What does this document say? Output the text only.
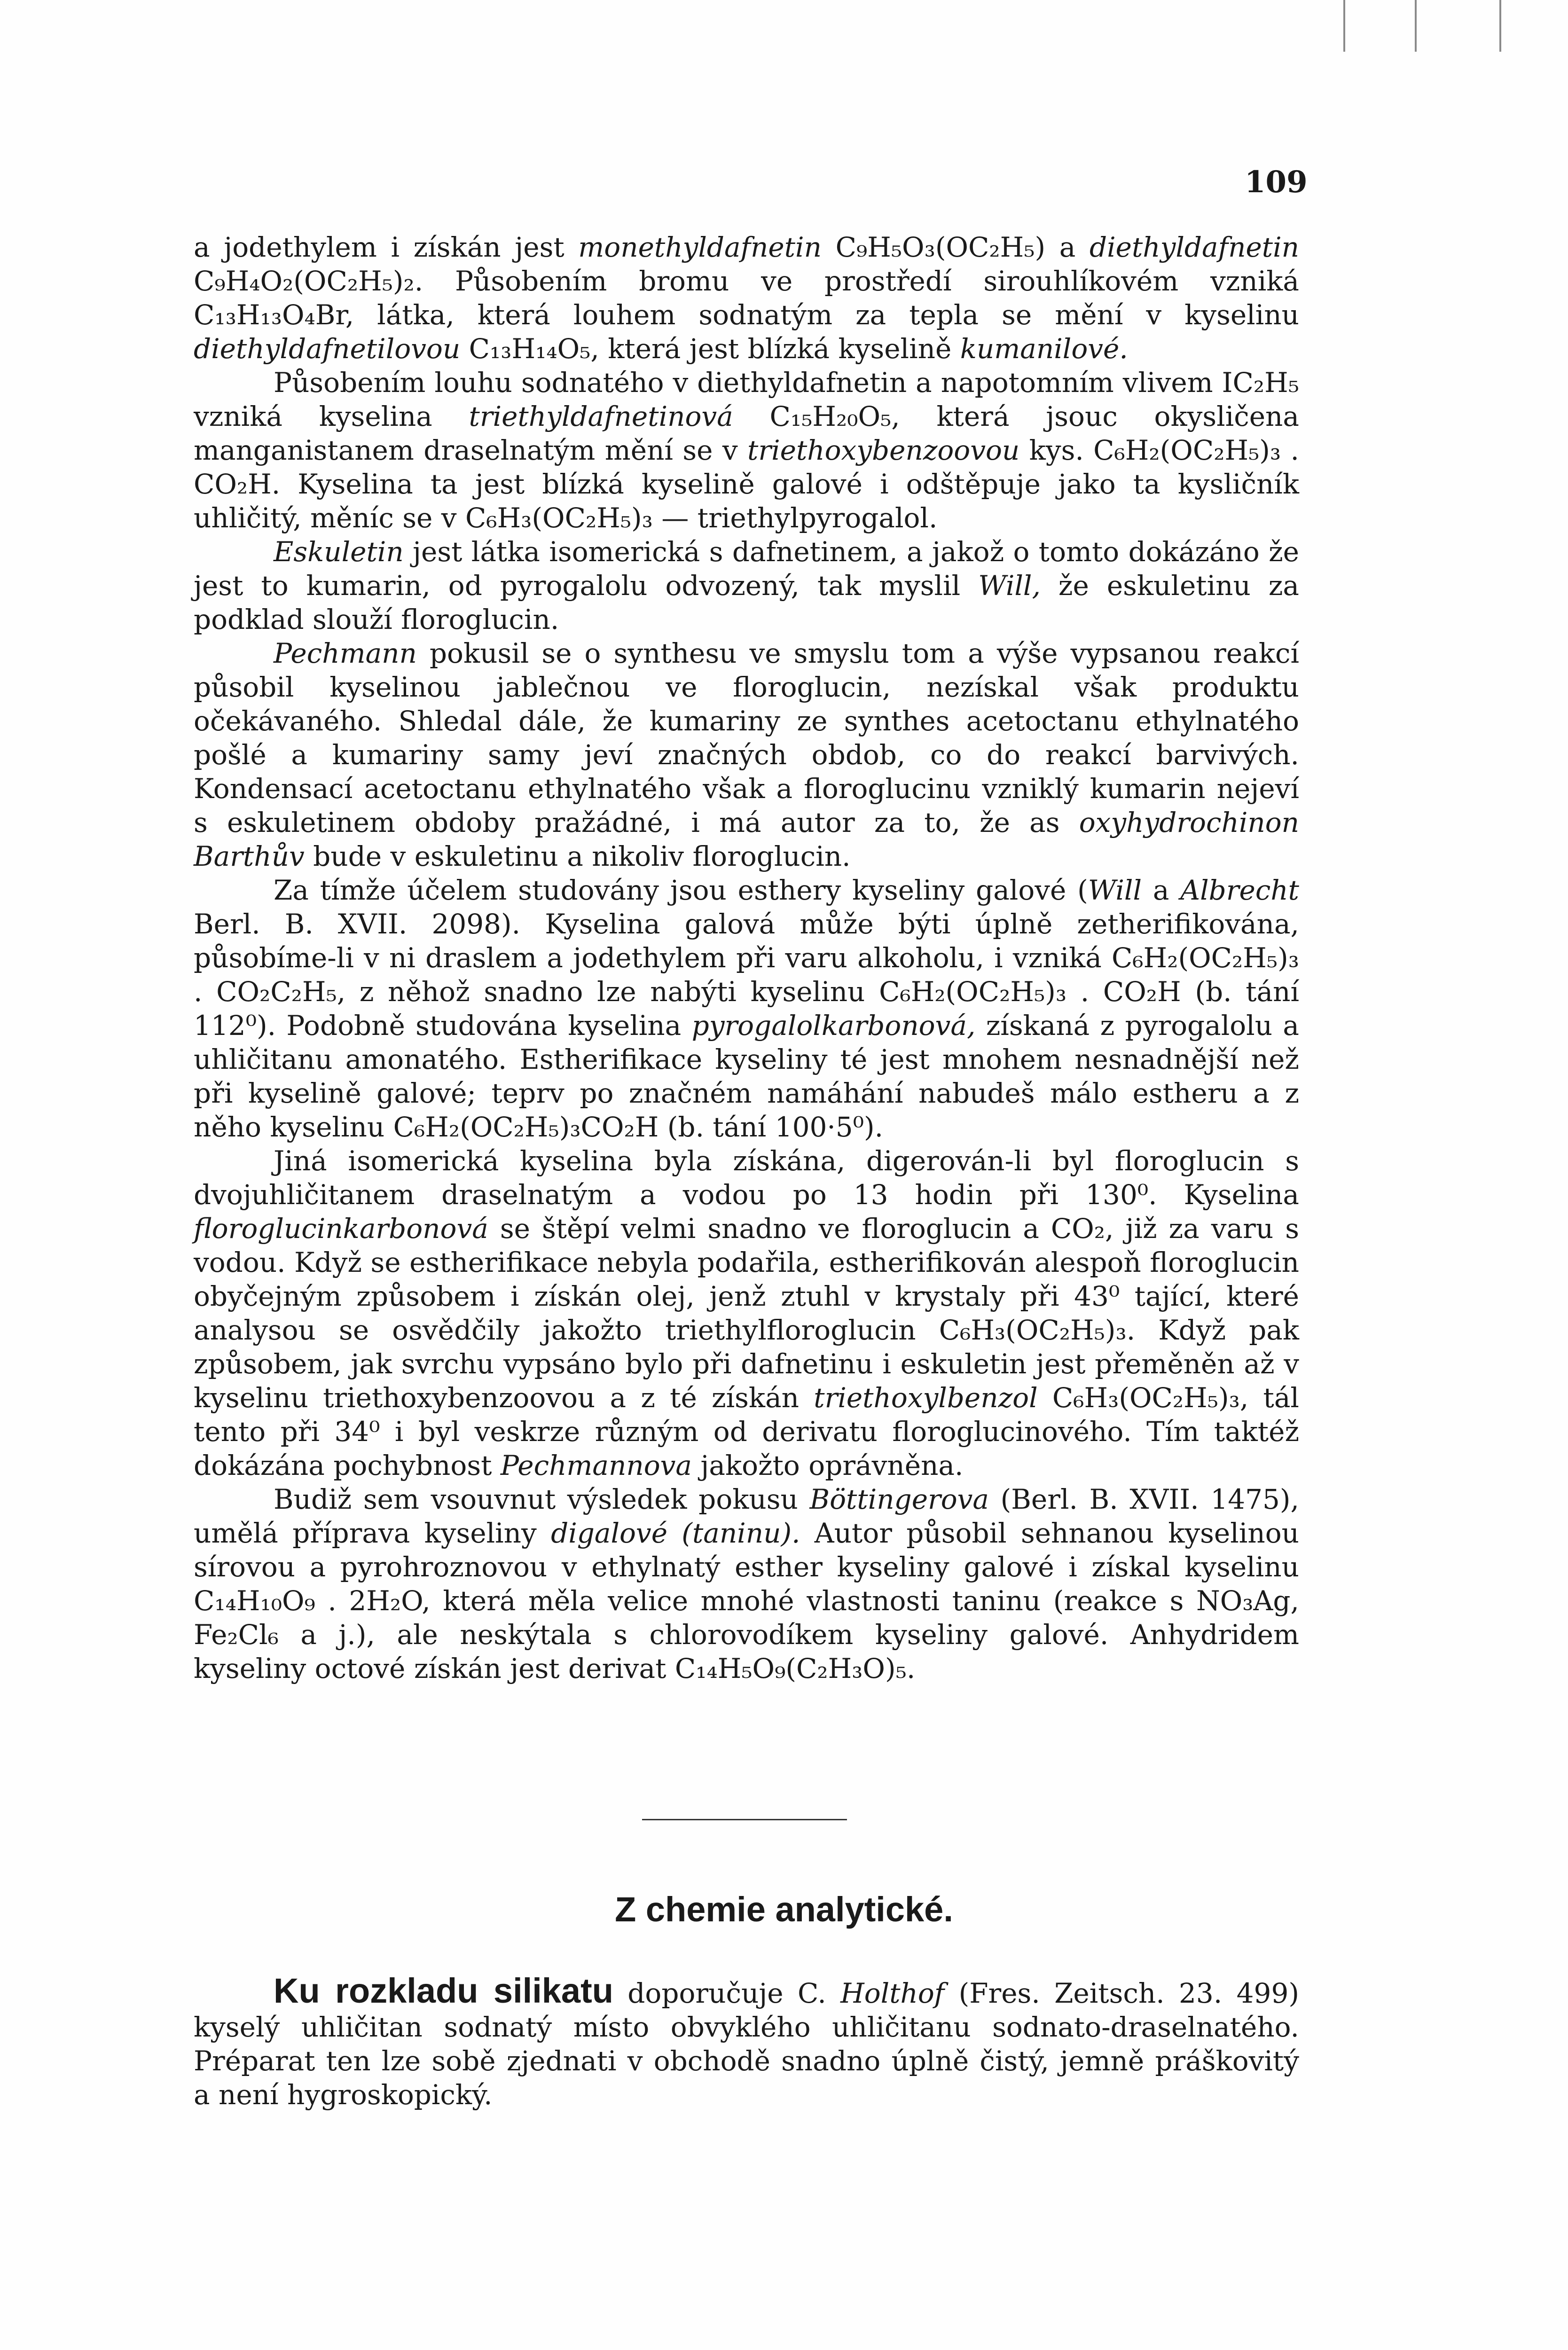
109

a jodethylem i získán jest monethyldafnetin C₉H₅O₃(OC₂H₅) a diethyldafnetin C₉H₄O₂(OC₂H₅)₂. Působením bromu ve prostředí sirouhlíkovém vzniká C₁₃H₁₃O₄Br, látka, která louhem sodnatým za tepla se mění v kyselinu diethyldafnetilovou C₁₃H₁₄O₅, která jest blízká kyselině kumanilové.

Působením louhu sodnatého v diethyldafnetin a napotomním vlivem IC₂H₅ vzniká kyselina triethyldafnetinová C₁₅H₂₀O₅, která jsouc okysličena manganistanem draselnatým mění se v triethoxybenzoovou kys. C₆H₂(OC₂H₅)₃ . CO₂H. Kyselina ta jest blízká kyselině galové i odštěpuje jako ta kysličník uhličitý, měníc se v C₆H₃(OC₂H₅)₃ — triethylpyrogalol.

Eskuletin jest látka isomerická s dafnetinem, a jakož o tomto dokázáno že jest to kumarin, od pyrogalolu odvozený, tak myslil Will, že eskuletinu za podklad slouží floroglucin.

Pechmann pokusil se o synthesu ve smyslu tom a výše vypsanou reakcí působil kyselinou jablečnou ve floroglucin, nezískal však produktu očekávaného. Shledal dále, že kumariny ze synthes acetoctanu ethylnatého pošlé a kumariny samy jeví značných obdob, co do reakcí barvivých. Kondensací acetoctanu ethylnatého však a floroglucinu vzniklý kumarin nejeví s eskuletinem obdoby pražádné, i má autor za to, že as oxyhydrochinon Barthův bude v eskuletinu a nikoliv floroglucin.

Za tímže účelem studovány jsou esthery kyseliny galové (Will a Albrecht Berl. B. XVII. 2098). Kyselina galová může býti úplně zetherifikována, působíme-li v ni draslem a jodethylem při varu alkoholu, i vzniká C₆H₂(OC₂H₅)₃ . CO₂C₂H₅, z něhož snadno lze nabýti kyselinu C₆H₂(OC₂H₅)₃ . CO₂H (b. tání 112⁰). Podobně studována kyselina pyrogalolkarbonová, získaná z pyrogalolu a uhličitanu amonatého. Estherifikace kyseliny té jest mnohem nesnadnější než při kyselině galové; teprv po značném namáhání nabudeš málo estheru a z něho kyselinu C₆H₂(OC₂H₅)₃CO₂H (b. tání 100·5⁰).

Jiná isomerická kyselina byla získána, digerován-li byl floroglucin s dvojuhličitanem draselnatým a vodou po 13 hodin při 130⁰. Kyselina floroglucinkarbonová se štěpí velmi snadno ve floroglucin a CO₂, již za varu s vodou. Když se estherifikace nebyla podařila, estherifikován alespoň floroglucin obyčejným způsobem i získán olej, jenž ztuhl v krystaly při 43⁰ tající, které analysou se osvědčily jakožto triethylfloroglucin C₆H₃(OC₂H₅)₃. Když pak způsobem, jak svrchu vypsáno bylo při dafnetinu i eskuletin jest přeměněn až v kyselinu triethoxybenzoovou a z té získán triethoxylbenzol C₆H₃(OC₂H₅)₃, tál tento při 34⁰ i byl veskrze různým od derivatu floroglucinového. Tím taktéž dokázána pochybnost Pechmannova jakožto oprávněna.

Budiž sem vsouvnut výsledek pokusu Böttingerova (Berl. B. XVII. 1475), umělá příprava kyseliny digalové (taninu). Autor působil sehnanou kyselinou sírovou a pyrohroznovou v ethylnatý esther kyseliny galové i získal kyselinu C₁₄H₁₀O₉ . 2H₂O, která měla velice mnohé vlastnosti taninu (reakce s NO₃Ag, Fe₂Cl₆ a j.), ale neskýtala s chlorovodíkem kyseliny galové. Anhydridem kyseliny octové získán jest derivat C₁₄H₅O₉(C₂H₃O)₅.

Z chemie analytické.

Ku rozkladu silikatu doporučuje C. Holthof (Fres. Zeitsch. 23. 499) kyselý uhličitan sodnatý místo obvyklého uhličitanu sodnato-draselnatého. Préparat ten lze sobě zjednati v obchodě snadno úplně čistý, jemně práškovitý a není hygroskopický.
